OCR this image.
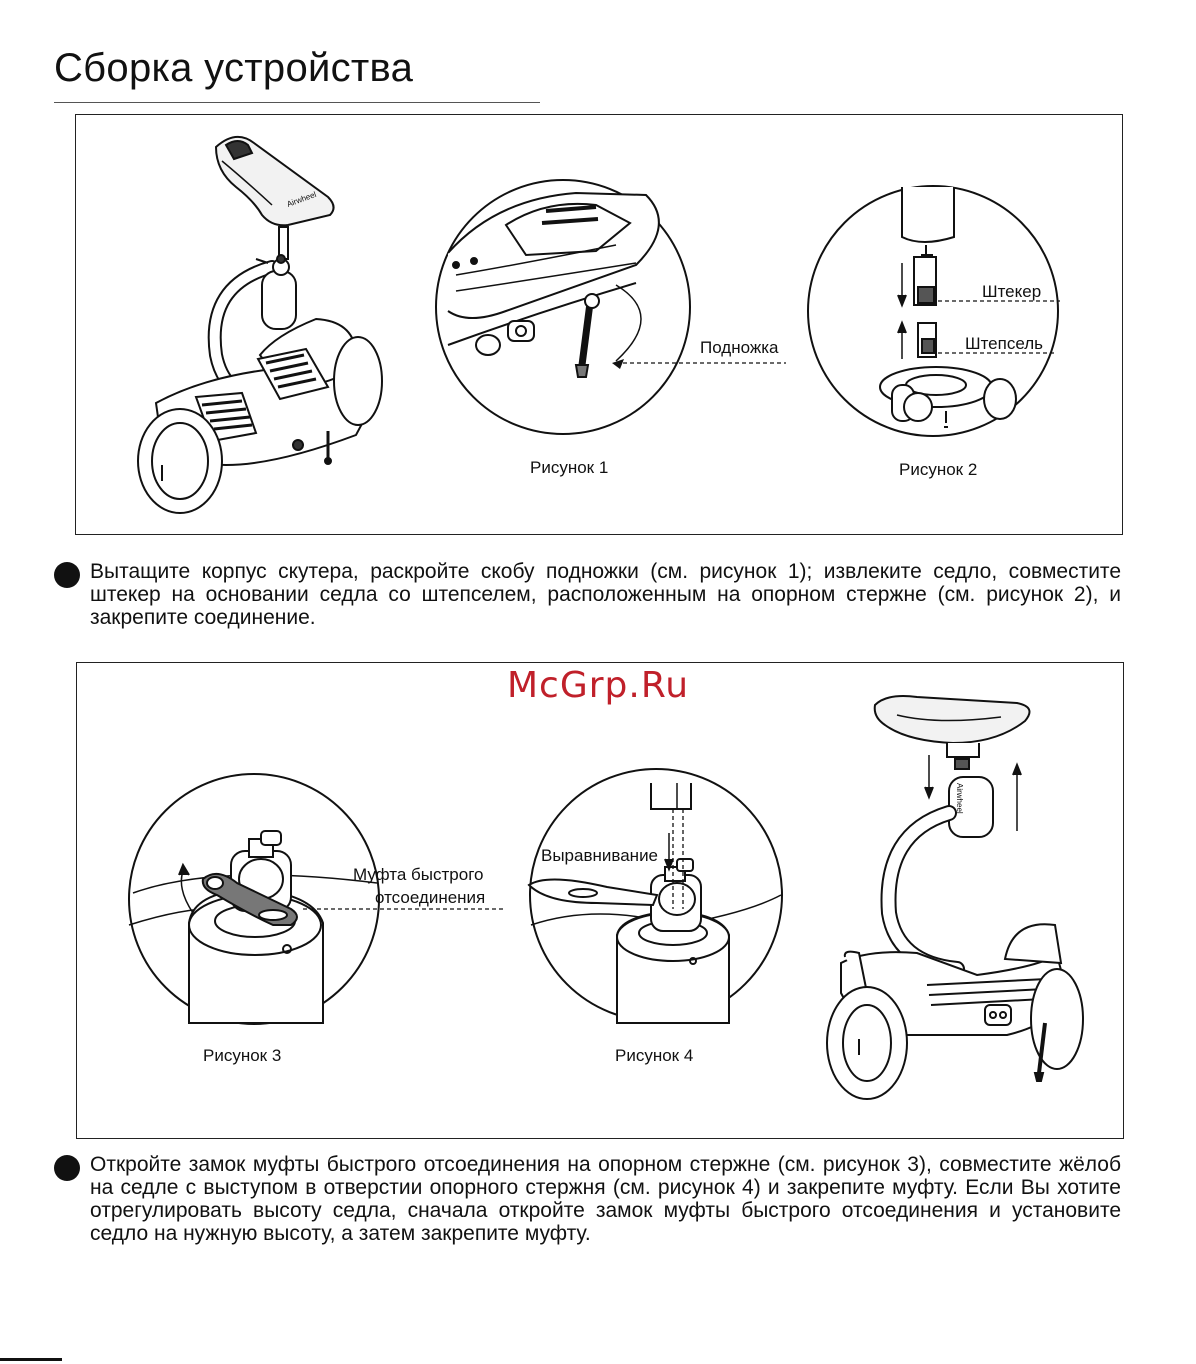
Сборка устройства
Airwheel
Подножка
Рисунок 1
Штекер
Штепсель
Рисунок 2
Вытащите корпус скутера, раскройте скобу подножки (см. рисунок 1); извлеките седло, совместите штекер на основании седла со штепселем, расположенным на опорном стержне (см. рисунок 2), и закрепите соединение.
Муфта быстрого
отсоединения
Рисунок 3
Выравнивание
Рисунок 4
Airwheel
McGrp.Ru
Откройте замок муфты быстрого отсоединения на опорном стержне (см. рисунок 3), совместите жёлоб на седле с выступом в отверстии опорного стержня (см. рисунок 4) и закрепите муфту. Если Вы хотите отрегулировать высоту седла, сначала откройте замок муфты быстрого отсоединения и установите седло на нужную высоту, а затем закрепите муфту.
